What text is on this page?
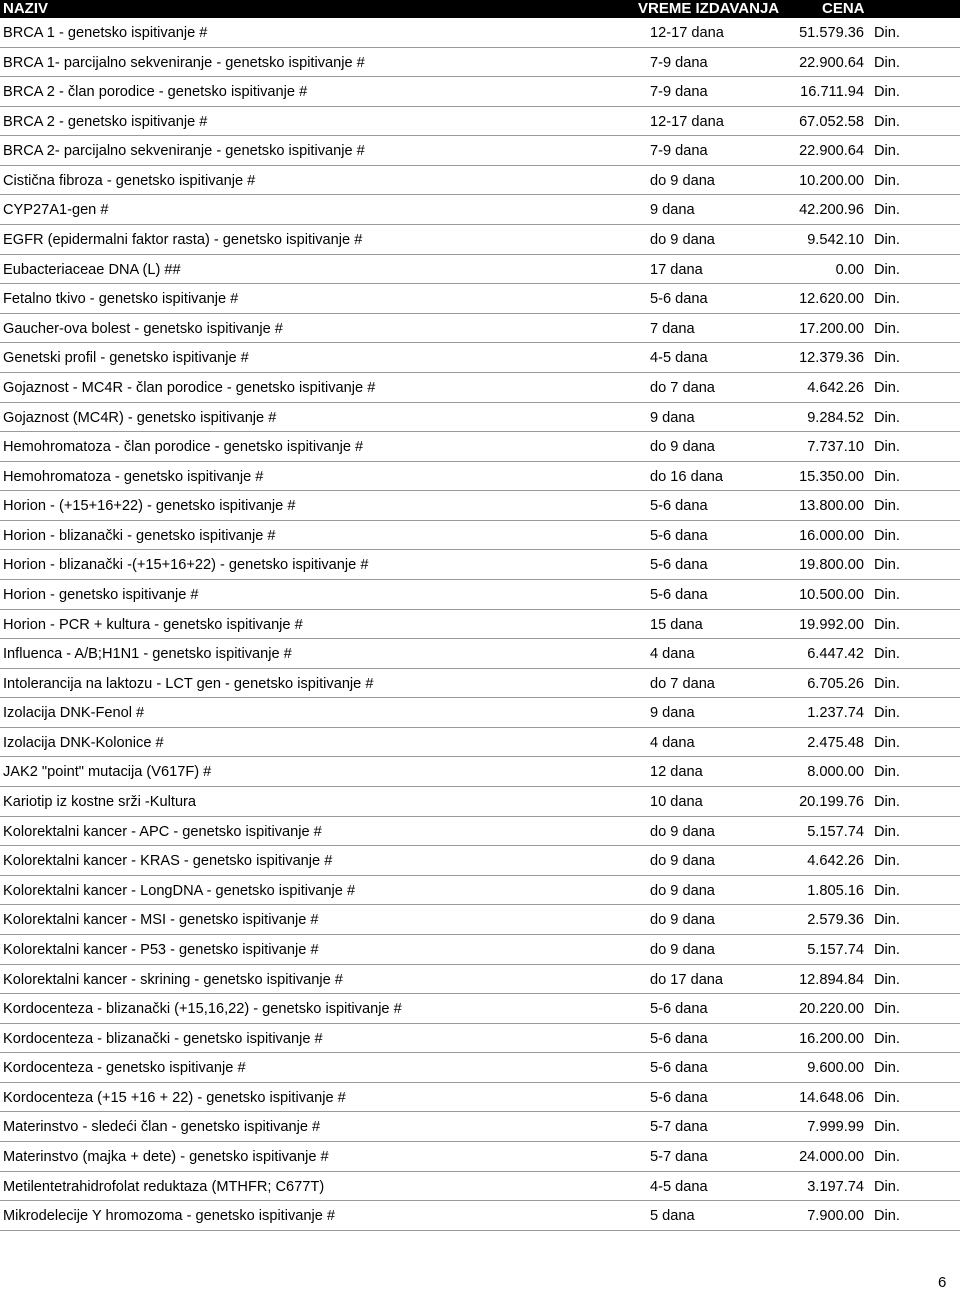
NAZIV	VREME IZDAVANJA	CENA
BRCA 1 - genetsko ispitivanje #	12-17 dana	51.579.36 Din.
BRCA 1- parcijalno sekveniranje - genetsko ispitivanje #	7-9 dana	22.900.64 Din.
BRCA 2 - član porodice - genetsko ispitivanje #	7-9 dana	16.711.94 Din.
BRCA 2 - genetsko ispitivanje #	12-17 dana	67.052.58 Din.
BRCA 2- parcijalno sekveniranje - genetsko ispitivanje #	7-9 dana	22.900.64 Din.
Cistična fibroza - genetsko ispitivanje #	do 9 dana	10.200.00 Din.
CYP27A1-gen #	9 dana	42.200.96 Din.
EGFR (epidermalni faktor rasta) - genetsko ispitivanje #	do 9 dana	9.542.10 Din.
Eubacteriaceae DNA (L) ##	17 dana	0.00 Din.
Fetalno tkivo - genetsko ispitivanje #	5-6 dana	12.620.00 Din.
Gaucher-ova bolest - genetsko ispitivanje #	7 dana	17.200.00 Din.
Genetski profil - genetsko ispitivanje #	4-5 dana	12.379.36 Din.
Gojaznost - MC4R - član porodice - genetsko ispitivanje #	do 7 dana	4.642.26 Din.
Gojaznost (MC4R) - genetsko ispitivanje #	9 dana	9.284.52 Din.
Hemohromatoza - član porodice - genetsko ispitivanje #	do 9 dana	7.737.10 Din.
Hemohromatoza - genetsko ispitivanje #	do 16 dana	15.350.00 Din.
Horion - (+15+16+22) - genetsko ispitivanje #	5-6 dana	13.800.00 Din.
Horion - blizanački - genetsko ispitivanje #	5-6 dana	16.000.00 Din.
Horion - blizanački -(+15+16+22) - genetsko ispitivanje #	5-6 dana	19.800.00 Din.
Horion - genetsko ispitivanje #	5-6 dana	10.500.00 Din.
Horion - PCR + kultura - genetsko ispitivanje #	15 dana	19.992.00 Din.
Influenca - A/B;H1N1 - genetsko ispitivanje #	4 dana	6.447.42 Din.
Intolerancija na laktozu - LCT gen - genetsko ispitivanje #	do 7 dana	6.705.26 Din.
Izolacija DNK-Fenol #	9 dana	1.237.74 Din.
Izolacija DNK-Kolonice #	4 dana	2.475.48 Din.
JAK2 "point" mutacija (V617F) #	12 dana	8.000.00 Din.
Kariotip iz kostne srži -Kultura	10 dana	20.199.76 Din.
Kolorektalni kancer - APC - genetsko ispitivanje #	do 9 dana	5.157.74 Din.
Kolorektalni kancer - KRAS - genetsko ispitivanje #	do 9 dana	4.642.26 Din.
Kolorektalni kancer - LongDNA - genetsko ispitivanje #	do 9 dana	1.805.16 Din.
Kolorektalni kancer - MSI - genetsko ispitivanje #	do 9 dana	2.579.36 Din.
Kolorektalni kancer - P53 - genetsko ispitivanje #	do 9 dana	5.157.74 Din.
Kolorektalni kancer - skrining - genetsko ispitivanje #	do 17 dana	12.894.84 Din.
Kordocenteza - blizanački (+15,16,22) - genetsko ispitivanje #	5-6 dana	20.220.00 Din.
Kordocenteza - blizanački - genetsko ispitivanje #	5-6 dana	16.200.00 Din.
Kordocenteza - genetsko ispitivanje #	5-6 dana	9.600.00 Din.
Kordocenteza (+15 +16 + 22) - genetsko ispitivanje #	5-6 dana	14.648.06 Din.
Materinstvo - sledeći član - genetsko ispitivanje #	5-7 dana	7.999.99 Din.
Materinstvo (majka + dete) - genetsko ispitivanje #	5-7 dana	24.000.00 Din.
Metilentetrahidrofolat reduktaza (MTHFR; C677T)	4-5 dana	3.197.74 Din.
Mikrodelecije Y hromozoma - genetsko ispitivanje #	5 dana	7.900.00 Din.
6
